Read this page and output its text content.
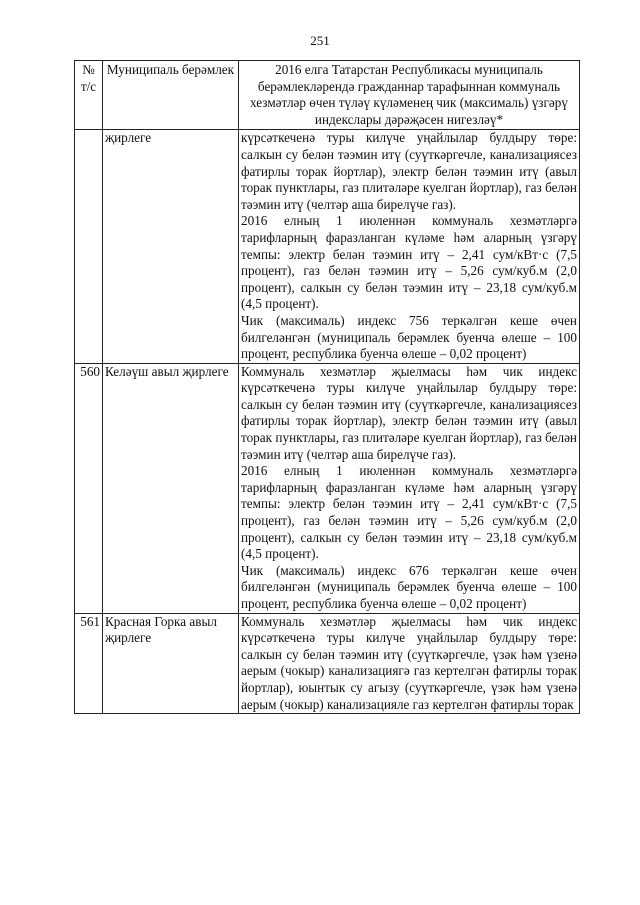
251
№ т/с	Муниципаль берәмлек	2016 елга Татарстан Республикасы муниципаль берәмлекләрендә гражданнар тарафыннан коммуналь хезмәтләр өчен түләү күләменең чик (максималь) үзгәрү индекслары дәрәҗәсен нигезләү*
	җирлеге	күрсәткеченә туры килүче уңайлылар булдыру төре: салкын су белән тәэмин итү (суүткәргечле, канализациясез фатирлы торак йортлар), электр белән тәэмин итү (авыл торак пунктлары, газ плитәләре куелган йортлар), газ белән тәэмин итү (челтәр аша бирелүче газ).

2016 елның 1 июленнән коммуналь хезмәтләргә тарифларның фаразланган күләме һәм аларның үзгәрү темпы: электр белән тәэмин итү – 2,41 сум/кВт·с (7,5 процент), газ белән тәэмин итү – 5,26 сум/куб.м (2,0 процент), салкын су белән тәэмин итү – 23,18 сум/куб.м (4,5 процент).

Чик (максималь) индекс 756 теркәлгән кеше өчен билгеләнгән (муниципаль берәмлек буенча өлеше – 100 процент, республика буенча өлеше – 0,02 процент)

560	Келәүш авыл җирлеге	Коммуналь хезмәтләр җыелмасы һәм чик индекс күрсәткеченә туры килүче уңайлылар булдыру төре: салкын су белән тәэмин итү (суүткәргечле, канализациясез фатирлы торак йортлар), электр белән тәэмин итү (авыл торак пунктлары, газ плитәләре куелган йортлар), газ белән тәэмин итү (челтәр аша бирелүче газ).

2016 елның 1 июленнән коммуналь хезмәтләргә тарифларның фаразланган күләме һәм аларның үзгәрү темпы: электр белән тәэмин итү – 2,41 сум/кВт·с (7,5 процент), газ белән тәэмин итү – 5,26 сум/куб.м (2,0 процент), салкын су белән тәэмин итү – 23,18 сум/куб.м (4,5 процент).

Чик (максималь) индекс 676 теркәлгән кеше өчен билгеләнгән (муниципаль берәмлек буенча өлеше – 100 процент, республика буенча өлеше – 0,02 процент)

561	Красная Горка авыл җирлеге	Коммуналь хезмәтләр җыелмасы һәм чик индекс күрсәткеченә туры килүче уңайлылар булдыру төре: салкын су белән тәэмин итү (суүткәргечле, үзәк һәм үзенә аерым (чокыр) канализациягә газ кертелгән фатирлы торак йортлар), юынтык су агызу (суүткәргечле, үзәк һәм үзенә аерым (чокыр) канализацияле газ кертелгән фатирлы торак
